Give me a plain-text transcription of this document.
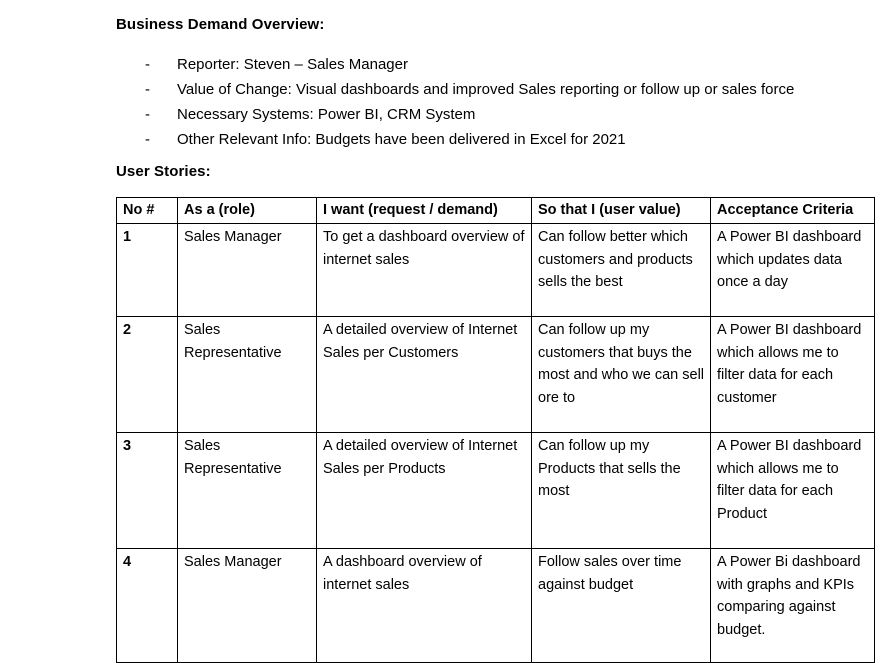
Business Demand Overview:
- Reporter: Steven – Sales Manager
- Value of Change: Visual dashboards and improved Sales reporting or follow up or sales force
- Necessary Systems: Power BI, CRM System
- Other Relevant Info: Budgets have been delivered in Excel for 2021
User Stories:
No #	As a (role)	I want (request / demand)	So that I (user value)	Acceptance Criteria
1	Sales Manager	To get a dashboard overview of internet sales	Can follow better which customers and products sells the best	A Power BI dashboard which updates data once a day
2	Sales Representative	A detailed overview of Internet Sales per Customers	Can follow up my customers that buys the most and who we can sell ore to	A Power BI dashboard which allows me to filter data for each customer
3	Sales Representative	A detailed overview of Internet Sales per Products	Can follow up my Products that sells the most	A Power BI dashboard which allows me to filter data for each Product
4	Sales Manager	A dashboard overview of internet sales	Follow sales over time against budget	A Power Bi dashboard with graphs and KPIs comparing against budget.
